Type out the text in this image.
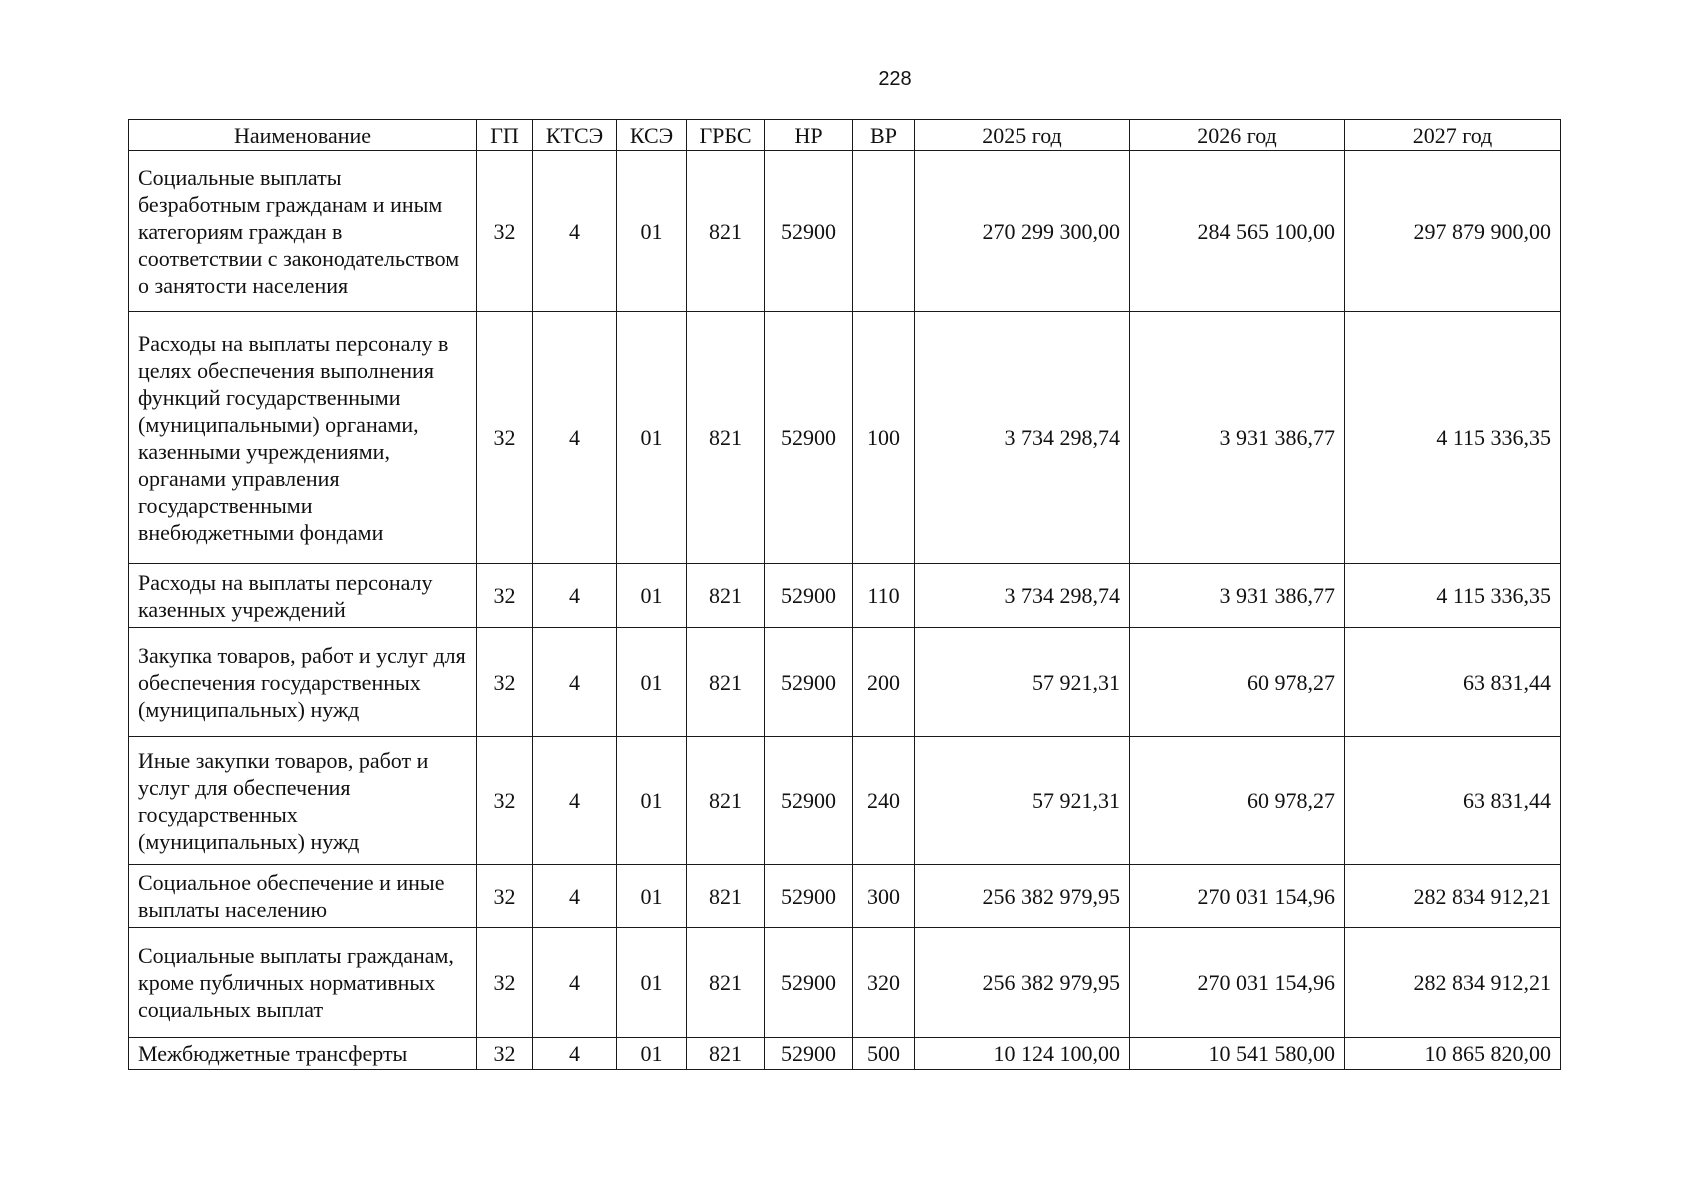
228
Наименование	ГП	КТСЭ	КСЭ	ГРБС	НР	ВР	2025 год	2026 год	2027 год
Социальные выплаты безработным гражданам и иным категориям граждан в соответствии с законодательством о занятости населения	32	4	01	821	52900		270 299 300,00	284 565 100,00	297 879 900,00
Расходы на выплаты персоналу в целях обеспечения выполнения функций государственными (муниципальными) органами, казенными учреждениями, органами управления государственными внебюджетными фондами	32	4	01	821	52900	100	3 734 298,74	3 931 386,77	4 115 336,35
Расходы на выплаты персоналу казенных учреждений	32	4	01	821	52900	110	3 734 298,74	3 931 386,77	4 115 336,35
Закупка товаров, работ и услуг для обеспечения государственных (муниципальных) нужд	32	4	01	821	52900	200	57 921,31	60 978,27	63 831,44
Иные закупки товаров, работ и услуг для обеспечения государственных (муниципальных) нужд	32	4	01	821	52900	240	57 921,31	60 978,27	63 831,44
Социальное обеспечение и иные выплаты населению	32	4	01	821	52900	300	256 382 979,95	270 031 154,96	282 834 912,21
Социальные выплаты гражданам, кроме публичных нормативных социальных выплат	32	4	01	821	52900	320	256 382 979,95	270 031 154,96	282 834 912,21
Межбюджетные трансферты	32	4	01	821	52900	500	10 124 100,00	10 541 580,00	10 865 820,00
